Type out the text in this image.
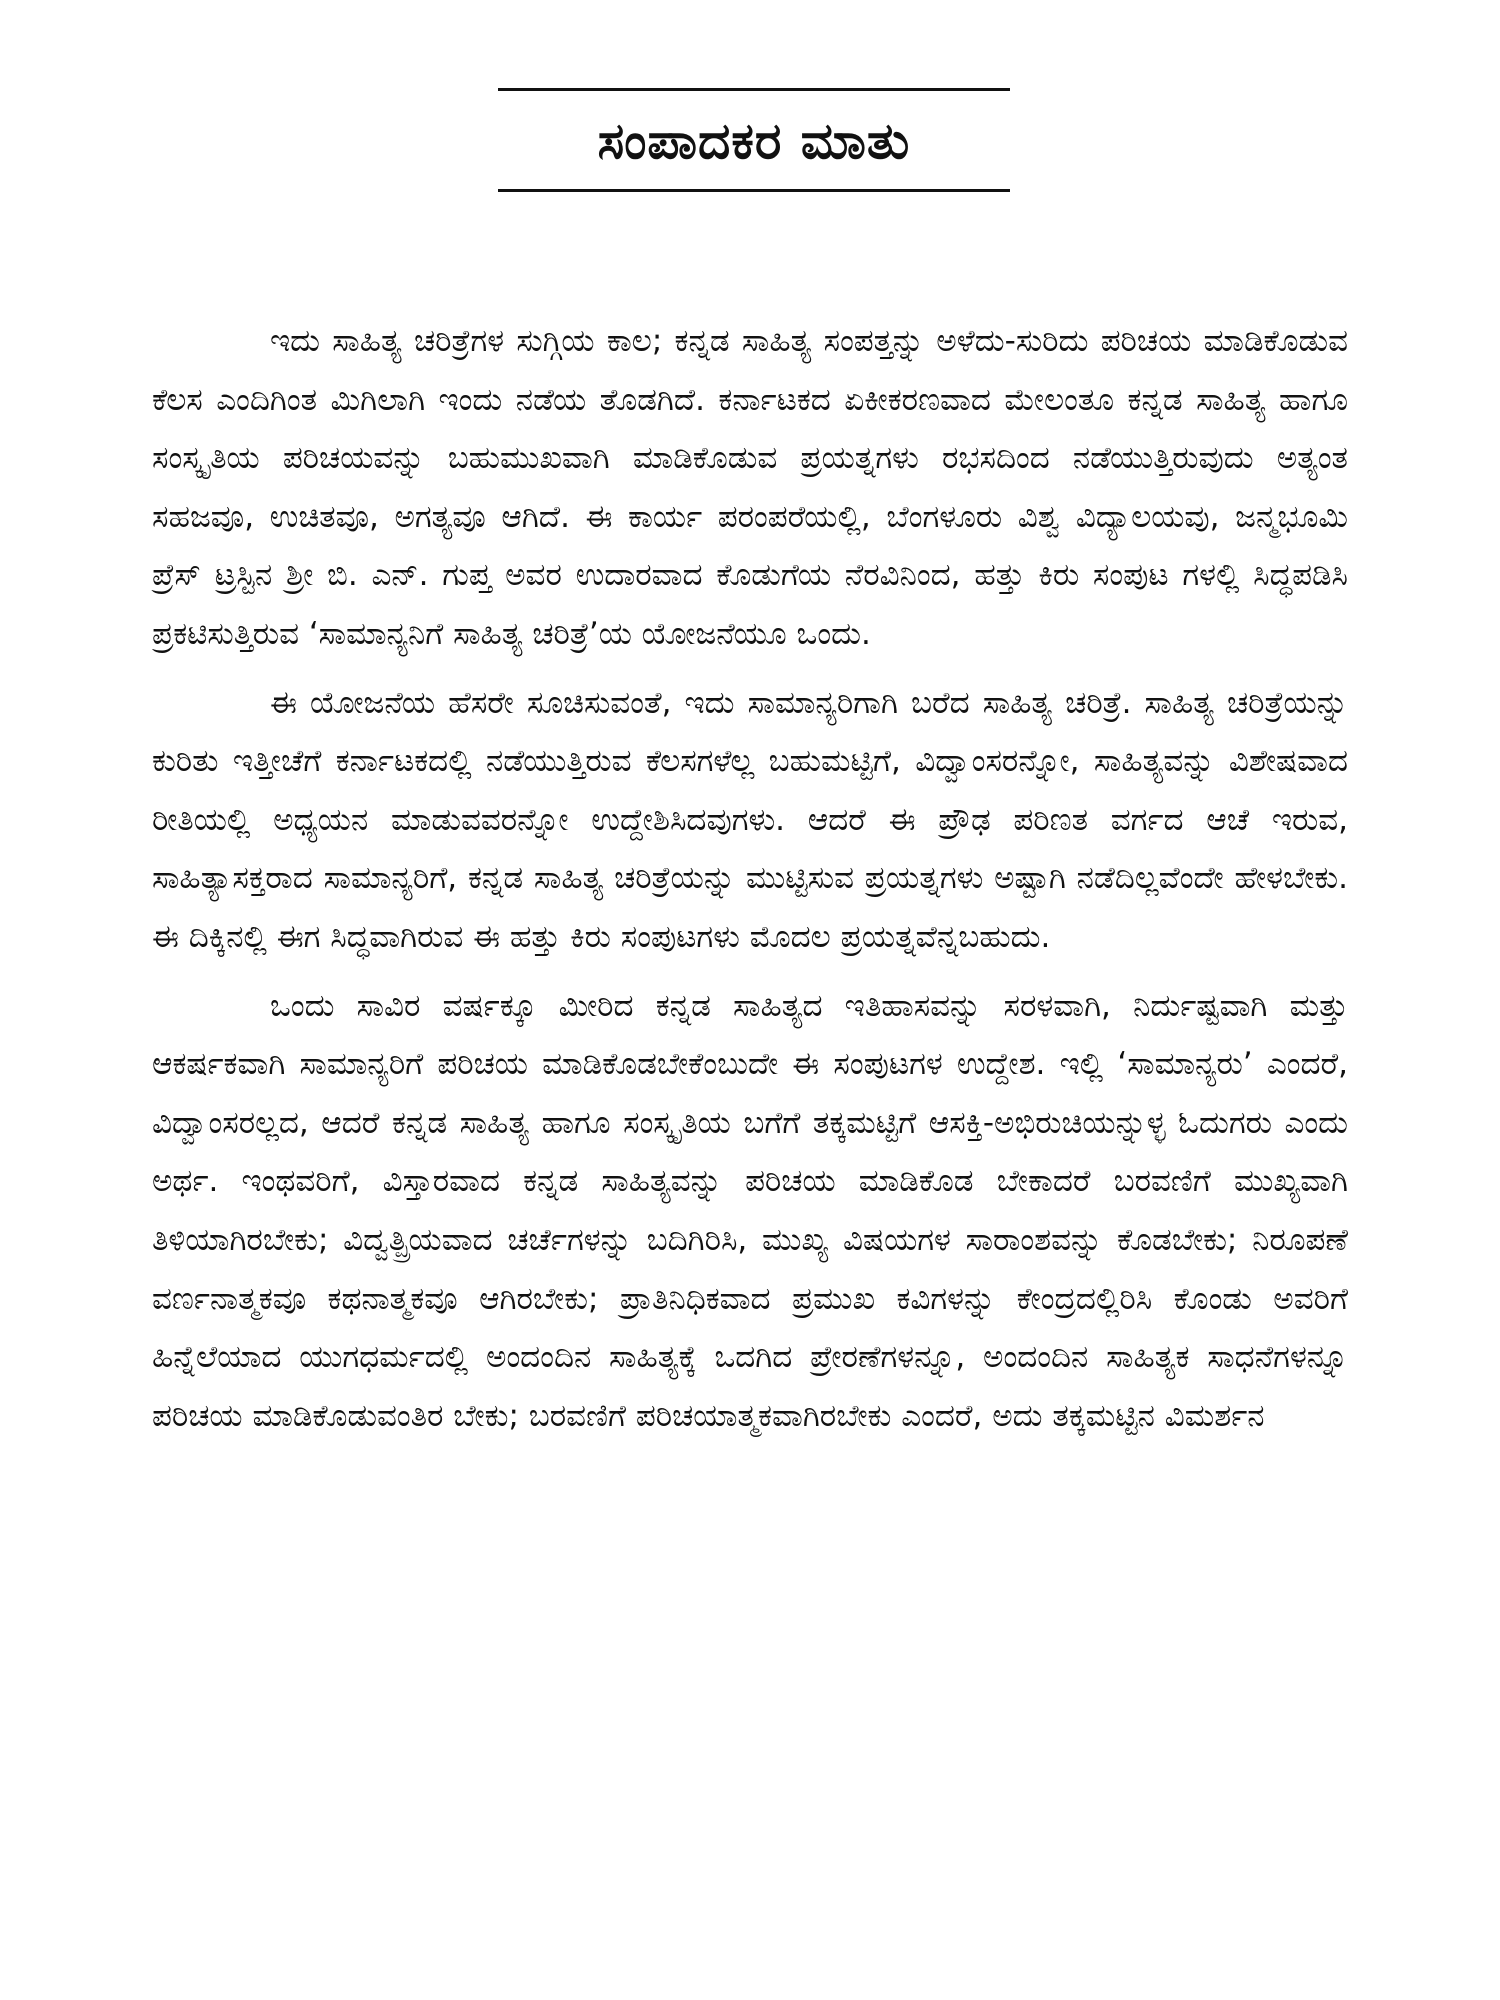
ಸಂಪಾದಕರ ಮಾತು

ಇದು ಸಾಹಿತ್ಯ ಚರಿತ್ರೆಗಳ ಸುಗ್ಗಿಯ ಕಾಲ; ಕನ್ನಡ ಸಾಹಿತ್ಯ ಸಂಪತ್ತನ್ನು ಅಳೆದು-ಸುರಿದು ಪರಿಚಯ ಮಾಡಿಕೊಡುವ ಕೆಲಸ ಎಂದಿಗಿಂತ ಮಿಗಿಲಾಗಿ ಇಂದು ನಡೆಯ ತೊಡಗಿದೆ. ಕರ್ನಾಟಕದ ಏಕೀಕರಣವಾದ ಮೇಲಂತೂ ಕನ್ನಡ ಸಾಹಿತ್ಯ ಹಾಗೂ ಸಂಸ್ಕೃತಿಯ ಪರಿಚಯವನ್ನು ಬಹುಮುಖವಾಗಿ ಮಾಡಿಕೊಡುವ ಪ್ರಯತ್ನಗಳು ರಭಸದಿಂದ ನಡೆಯುತ್ತಿರುವುದು ಅತ್ಯಂತ ಸಹಜವೂ, ಉಚಿತವೂ, ಅಗತ್ಯವೂ ಆಗಿದೆ. ಈ ಕಾರ್ಯ ಪರಂಪರೆಯಲ್ಲಿ, ಬೆಂಗಳೂರು ವಿಶ್ವ ವಿದ್ಯಾಲಯವು, ಜನ್ಮಭೂಮಿ ಪ್ರೆಸ್ ಟ್ರಸ್ಟಿನ ಶ್ರೀ ಬಿ. ಎನ್. ಗುಪ್ತ ಅವರ ಉದಾರವಾದ ಕೊಡುಗೆಯ ನೆರವಿನಿಂದ, ಹತ್ತು ಕಿರು ಸಂಪುಟ ಗಳಲ್ಲಿ ಸಿದ್ಧಪಡಿಸಿ ಪ್ರಕಟಿಸುತ್ತಿರುವ ‘ಸಾಮಾನ್ಯನಿಗೆ ಸಾಹಿತ್ಯ ಚರಿತ್ರೆ’ಯ ಯೋಜನೆಯೂ ಒಂದು.

ಈ ಯೋಜನೆಯ ಹೆಸರೇ ಸೂಚಿಸುವಂತೆ, ಇದು ಸಾಮಾನ್ಯರಿಗಾಗಿ ಬರೆದ ಸಾಹಿತ್ಯ ಚರಿತ್ರೆ. ಸಾಹಿತ್ಯ ಚರಿತ್ರೆಯನ್ನು ಕುರಿತು ಇತ್ತೀಚೆಗೆ ಕರ್ನಾಟಕದಲ್ಲಿ ನಡೆಯುತ್ತಿರುವ ಕೆಲಸಗಳೆಲ್ಲ ಬಹುಮಟ್ಟಿಗೆ, ವಿದ್ವಾಂಸರನ್ನೋ, ಸಾಹಿತ್ಯವನ್ನು ವಿಶೇಷವಾದ ರೀತಿಯಲ್ಲಿ ಅಧ್ಯಯನ ಮಾಡುವವರನ್ನೋ ಉದ್ದೇಶಿಸಿದವುಗಳು. ಆದರೆ ಈ ಪ್ರೌಢ ಪರಿಣತ ವರ್ಗದ ಆಚೆ ಇರುವ, ಸಾಹಿತ್ಯಾಸಕ್ತರಾದ ಸಾಮಾನ್ಯರಿಗೆ, ಕನ್ನಡ ಸಾಹಿತ್ಯ ಚರಿತ್ರೆಯನ್ನು ಮುಟ್ಟಿಸುವ ಪ್ರಯತ್ನಗಳು ಅಷ್ಟಾಗಿ ನಡೆದಿಲ್ಲವೆಂದೇ ಹೇಳಬೇಕು. ಈ ದಿಕ್ಕಿನಲ್ಲಿ ಈಗ ಸಿದ್ಧವಾಗಿರುವ ಈ ಹತ್ತು ಕಿರು ಸಂಪುಟಗಳು ಮೊದಲ ಪ್ರಯತ್ನವೆನ್ನಬಹುದು.

ಒಂದು ಸಾವಿರ ವರ್ಷಕ್ಕೂ ಮೀರಿದ ಕನ್ನಡ ಸಾಹಿತ್ಯದ ಇತಿಹಾಸವನ್ನು ಸರಳವಾಗಿ, ನಿರ್ದುಷ್ಟವಾಗಿ ಮತ್ತು ಆಕರ್ಷಕವಾಗಿ ಸಾಮಾನ್ಯರಿಗೆ ಪರಿಚಯ ಮಾಡಿಕೊಡಬೇಕೆಂಬುದೇ ಈ ಸಂಪುಟಗಳ ಉದ್ದೇಶ. ಇಲ್ಲಿ ‘ಸಾಮಾನ್ಯರು’ ಎಂದರೆ, ವಿದ್ವಾಂಸರಲ್ಲದ, ಆದರೆ ಕನ್ನಡ ಸಾಹಿತ್ಯ ಹಾಗೂ ಸಂಸ್ಕೃತಿಯ ಬಗೆಗೆ ತಕ್ಕಮಟ್ಟಿಗೆ ಆಸಕ್ತಿ-ಅಭಿರುಚಿಯನ್ನುಳ್ಳ ಓದುಗರು ಎಂದು ಅರ್ಥ. ಇಂಥವರಿಗೆ, ವಿಸ್ತಾರವಾದ ಕನ್ನಡ ಸಾಹಿತ್ಯವನ್ನು ಪರಿಚಯ ಮಾಡಿಕೊಡ ಬೇಕಾದರೆ ಬರವಣಿಗೆ ಮುಖ್ಯವಾಗಿ ತಿಳಿಯಾಗಿರಬೇಕು; ವಿದ್ವತ್ಪ್ರಿಯವಾದ ಚರ್ಚೆಗಳನ್ನು ಬದಿಗಿರಿಸಿ, ಮುಖ್ಯ ವಿಷಯಗಳ ಸಾರಾಂಶವನ್ನು ಕೊಡಬೇಕು; ನಿರೂಪಣೆ ವರ್ಣನಾತ್ಮಕವೂ ಕಥನಾತ್ಮಕವೂ ಆಗಿರಬೇಕು; ಪ್ರಾತಿನಿಧಿಕವಾದ ಪ್ರಮುಖ ಕವಿಗಳನ್ನು ಕೇಂದ್ರದಲ್ಲಿರಿಸಿ ಕೊಂಡು ಅವರಿಗೆ ಹಿನ್ನೆಲೆಯಾದ ಯುಗಧರ್ಮದಲ್ಲಿ ಅಂದಂದಿನ ಸಾಹಿತ್ಯಕ್ಕೆ ಒದಗಿದ ಪ್ರೇರಣೆಗಳನ್ನೂ, ಅಂದಂದಿನ ಸಾಹಿತ್ಯಕ ಸಾಧನೆಗಳನ್ನೂ ಪರಿಚಯ ಮಾಡಿಕೊಡುವಂತಿರ ಬೇಕು; ಬರವಣಿಗೆ ಪರಿಚಯಾತ್ಮಕವಾಗಿರಬೇಕು ಎಂದರೆ, ಅದು ತಕ್ಕಮಟ್ಟಿನ ವಿಮರ್ಶನ
